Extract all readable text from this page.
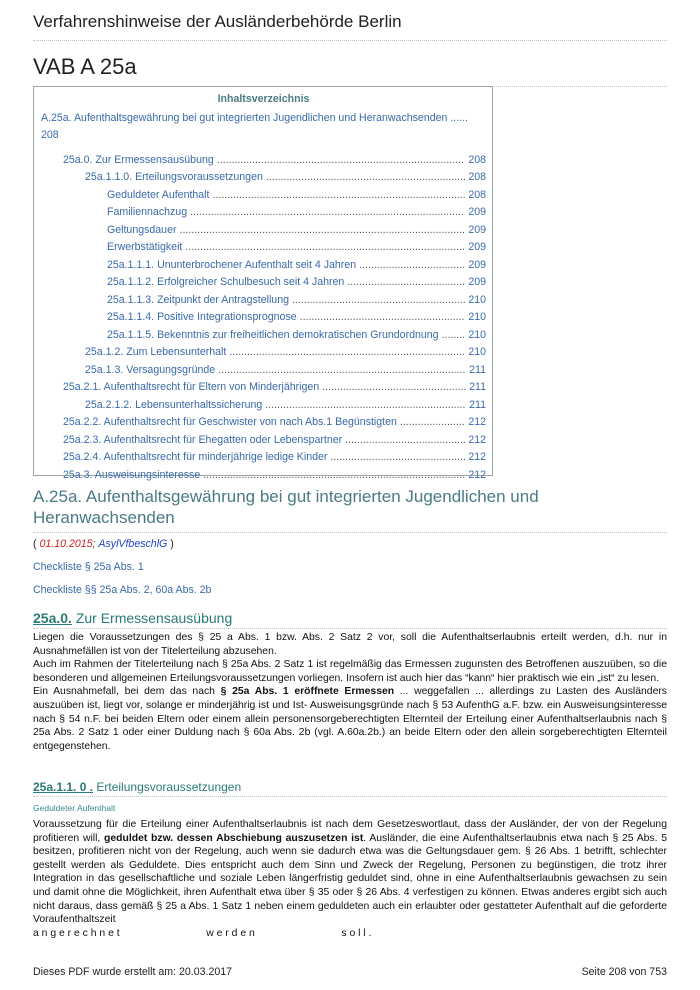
Verfahrenshinweise der Ausländerbehörde Berlin
VAB A 25a
Inhaltsverzeichnis
A.25a. Aufenthaltsgewährung bei gut integrierten Jugendlichen und Heranwachsenden ......
208
25a.0. Zur Ermessensausübung .....	208
25a.1.1.0. Erteilungsvoraussetzungen .....	208
Geduldeter Aufenthalt .....	208
Familiennachzug .....	209
Geltungsdauer .....	209
Erwerbstätigkeit .....	209
25a.1.1.1. Ununterbrochener Aufenthalt seit 4 Jahren .....	209
25a.1.1.2. Erfolgreicher Schulbesuch seit 4 Jahren .....	209
25a.1.1.3. Zeitpunkt der Antragstellung .....	210
25a.1.1.4. Positive Integrationsprognose .....	210
25a.1.1.5. Bekenntnis zur freiheitlichen demokratischen Grundordnung .....	210
25a.1.2. Zum Lebensunterhalt .....	210
25a.1.3. Versagungsgründe .....	211
25a.2.1. Aufenthaltsrecht für Eltern von Minderjährigen .....	211
25a.2.1.2. Lebensunterhaltssicherung .....	211
25a.2.2. Aufenthaltsrecht für Geschwister von nach Abs.1 Begünstigten .....	212
25a.2.3. Aufenthaltsrecht für Ehegatten oder Lebenspartner .....	212
25a.2.4. Aufenthaltsrecht für minderjährige ledige Kinder .....	212
25a.3. Ausweisungsinteresse .....	212
A.25a. Aufenthaltsgewährung bei gut integrierten Jugendlichen und Heranwachsenden
( 01.10.2015; AsylVfbeschlG )
Checkliste § 25a Abs. 1
Checkliste §§ 25a Abs. 2, 60a Abs. 2b
25a.0. Zur Ermessensausübung
Liegen die Voraussetzungen des § 25 a Abs. 1 bzw. Abs. 2 Satz 2 vor, soll die Aufenthaltserlaubnis erteilt werden, d.h. nur in Ausnahmefällen ist von der Titelerteilung abzusehen.
Auch im Rahmen der Titelerteilung nach § 25a Abs. 2 Satz 1 ist regelmäßig das Ermessen zugunsten des Betroffenen auszuüben, so die besonderen und allgemeinen Erteilungsvoraussetzungen vorliegen. Insofern ist auch hier das “kann“ hier praktisch wie ein „ist“ zu lesen.
Ein Ausnahmefall, bei dem das nach § 25a Abs. 1 eröffnete Ermessen ... weggefallen ... allerdings zu Lasten des Ausländers auszuüben ist, liegt vor, solange er minderjährig ist und Ist- Ausweisungsgründe nach § 53 AufenthG a.F. bzw. ein Ausweisungsinteresse nach § 54 n.F. bei beiden Eltern oder einem allein personensorgeberechtigten Elternteil der Erteilung einer Aufenthaltserlaubnis nach § 25a Abs. 2 Satz 1 oder einer Duldung nach § 60a Abs. 2b (vgl. A.60a.2b.) an beide Eltern oder den allein sorgeberechtigten Elternteil entgegenstehen.
25a.1.1. 0 . Erteilungsvoraussetzungen
Geduldeter Aufenthalt
Voraussetzung für die Erteilung einer Aufenthaltserlaubnis ist nach dem Gesetzeswortlaut, dass der Ausländer, der von der Regelung profitieren will, geduldet bzw. dessen Abschiebung auszusetzen ist. Ausländer, die eine Aufenthaltserlaubnis etwa nach § 25 Abs. 5 besitzen, profitieren nicht von der Regelung, auch wenn sie dadurch etwa was die Geltungsdauer gem. § 26 Abs. 1 betrifft, schlechter gestellt werden als Geduldete. Dies entspricht auch dem Sinn und Zweck der Regelung, Personen zu begünstigen, die trotz ihrer Integration in das gesellschaftliche und soziale Leben längerfristig geduldet sind, ohne in eine Aufenthaltserlaubnis gewachsen zu sein und damit ohne die Möglichkeit, ihren Aufenthalt etwa über § 35 oder § 26 Abs. 4 verfestigen zu können. Etwas anderes ergibt sich auch nicht daraus, dass gemäß § 25 a Abs. 1 Satz 1 neben einem geduldeten auch ein erlaubter oder gestatteter Aufenthalt auf die geforderte Voraufenthaltszeit
a n g e r e c h n e t                              w e r d e n                              s o l l .
Dieses PDF wurde erstellt am: 20.03.2017	Seite 208 von 753
